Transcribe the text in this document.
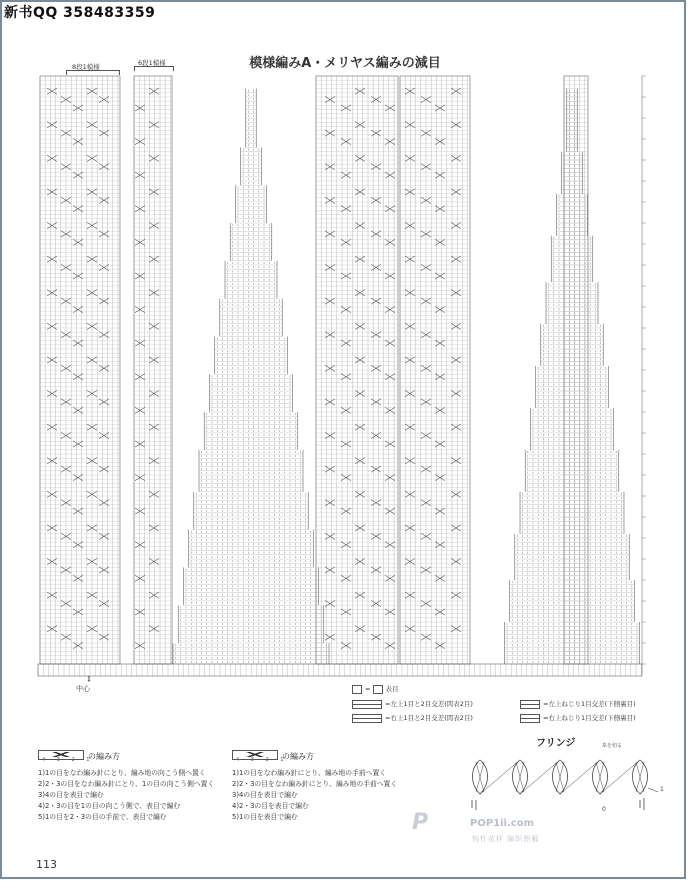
新书QQ 358483359
模様編みA・メリヤス編みの減目
8段1模様	6段1模様
1
中心	= 表目
=左上1目と2目交差(間表2目)
=右上1目と2目交差(間表2目)
=左上ねじり1目交差(下側裏目)
=右上ねじり1目交差(下側裏目)
の編み方
4 3 2 1
1)1の目をなわ編み針にとり、編み地の向こう側へ置く
2)2・3の目をなわ編み針にとり、1の目の向こう側へ置く
3)4の目を表目で編む
4)2・3の目を1の目の向こう側で、表目で編む
5)1の目を2・3の目の手前で、表目で編む
の編み方
4 3 2 1
1)1の目をなわ編み針にとり、編み地の手前へ置く
2)2・3の目をなわ編み針にとり、編み地の手前へ置く
3)4の目を表目で編む
4)2・3の目を表目で編む
5)1の目を表目で編む
フリンジ	糸を切る
1
0
P	POP1ii.com
钩针花样 编织图解
113
